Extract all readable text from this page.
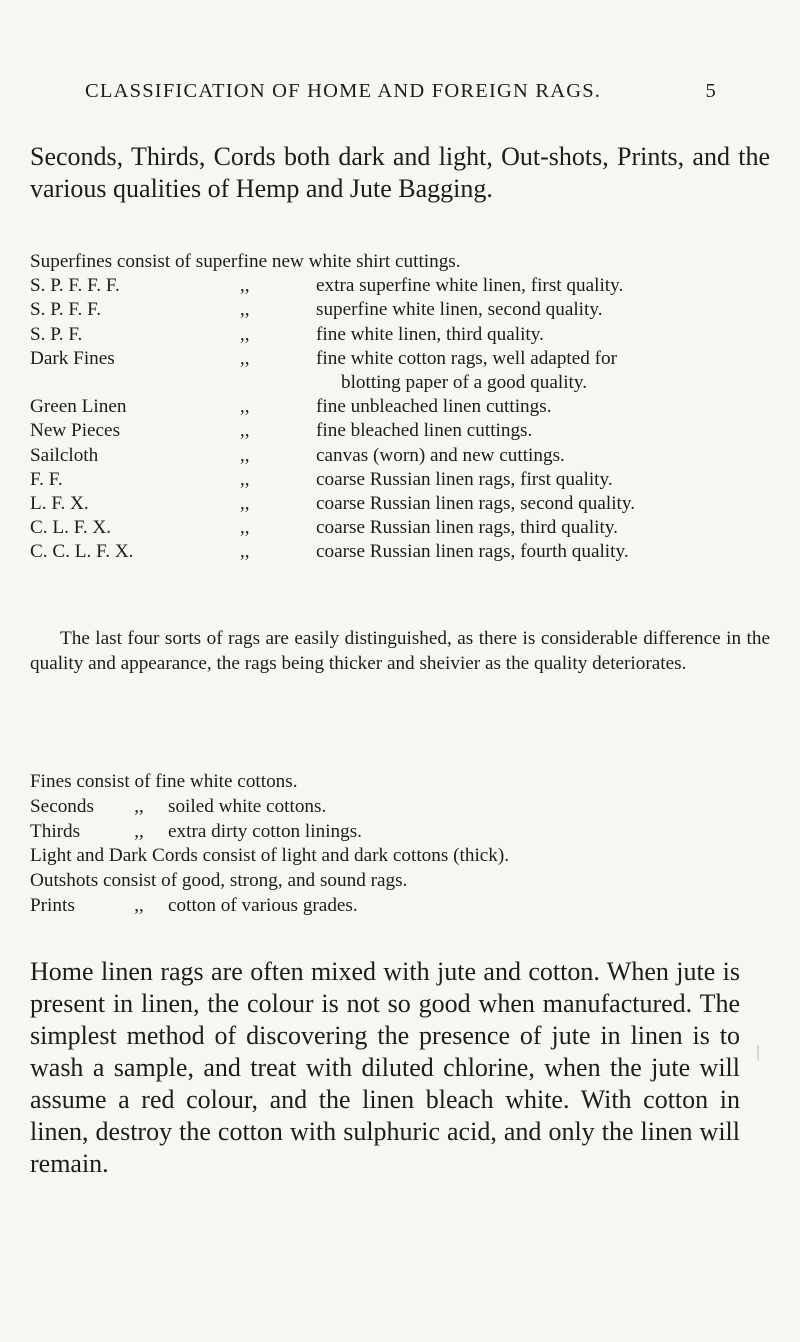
CLASSIFICATION OF HOME AND FOREIGN RAGS.	5
Seconds, Thirds, Cords both dark and light, Out-shots, Prints, and the various qualities of Hemp and Jute Bagging.

Superfines consist of superfine new white shirt cuttings.

S. P. F. F. F.	,,	extra superfine white linen, first quality.
S. P. F. F.	,,	superfine white linen, second quality.
S. P. F.	,,	fine white linen, third quality.
Dark Fines	,,	fine white cotton rags, well adapted for
blotting paper of a good quality.
Green Linen	,,	fine unbleached linen cuttings.
New Pieces	,,	fine bleached linen cuttings.
Sailcloth	,,	canvas (worn) and new cuttings.
F. F.	,,	coarse Russian linen rags, first quality.
L. F. X.	,,	coarse Russian linen rags, second quality.
C. L. F. X.	,,	coarse Russian linen rags, third quality.
C. C. L. F. X.	,,	coarse Russian linen rags, fourth quality.
The last four sorts of rags are easily distinguished, as there is considerable difference in the quality and appearance, the rags being thicker and sheivier as the quality deteriorates.
Fines consist of fine white cottons.
Seconds	,,	soiled white cottons.
Thirds	,,	extra dirty cotton linings.
Light and Dark Cords consist of light and dark cottons (thick).
Outshots consist of good, strong, and sound rags.
Prints	,,	cotton of various grades.
Home linen rags are often mixed with jute and cotton. When jute is present in linen, the colour is not so good when manufactured. The simplest method of discovering the presence of jute in linen is to wash a sample, and treat with diluted chlorine, when the jute will assume a red colour, and the linen bleach white. With cotton in linen, destroy the cotton with sulphuric acid, and only the linen will remain.
/
